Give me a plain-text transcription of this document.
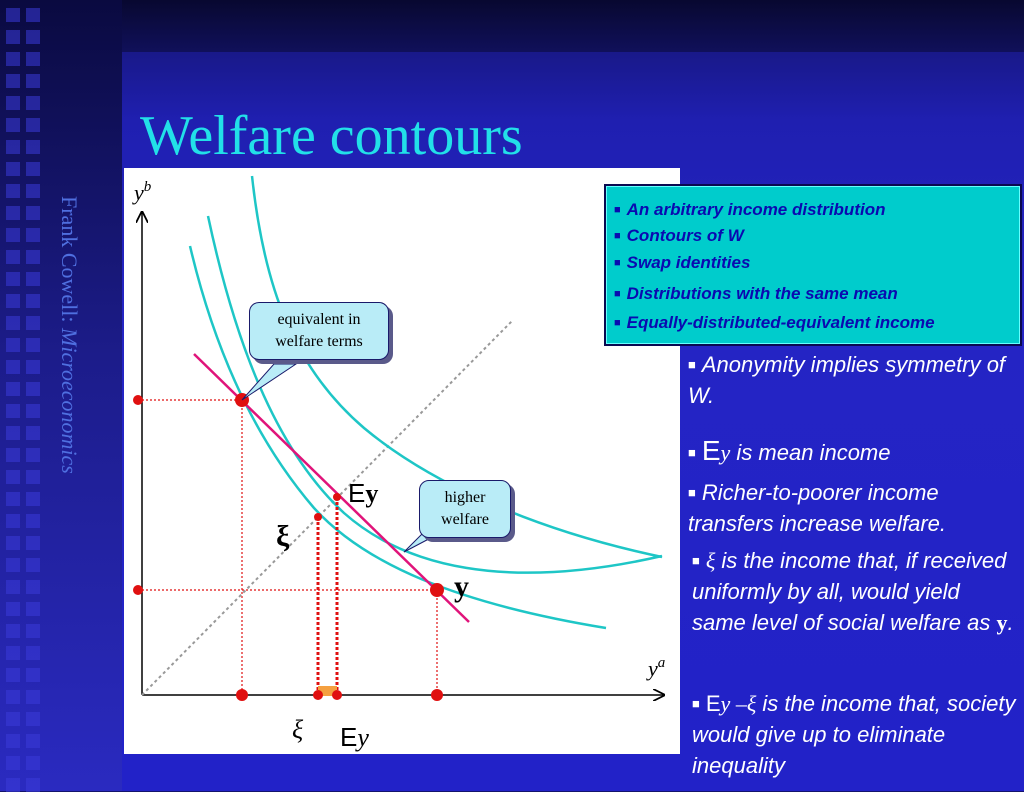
Frank Cowell: Microeconomics
Welfare contours
$y^b$
$y^a$
y
Ey
ξ
ξ Ey
equivalent in
welfare terms
higher
welfare
■ An arbitrary income distribution
■ Contours of W
■ Swap identities
■ Distributions with the same mean
■ Equally-distributed-equivalent income
■ Anonymity implies symmetry of W.
■ Ey is mean income
■ Richer-to-poorer income transfers increase welfare.
■ ξ is the income that, if received uniformly by all, would yield same level of social welfare as y.
■ Ey –ξ is the income that, society would give up to eliminate inequality
